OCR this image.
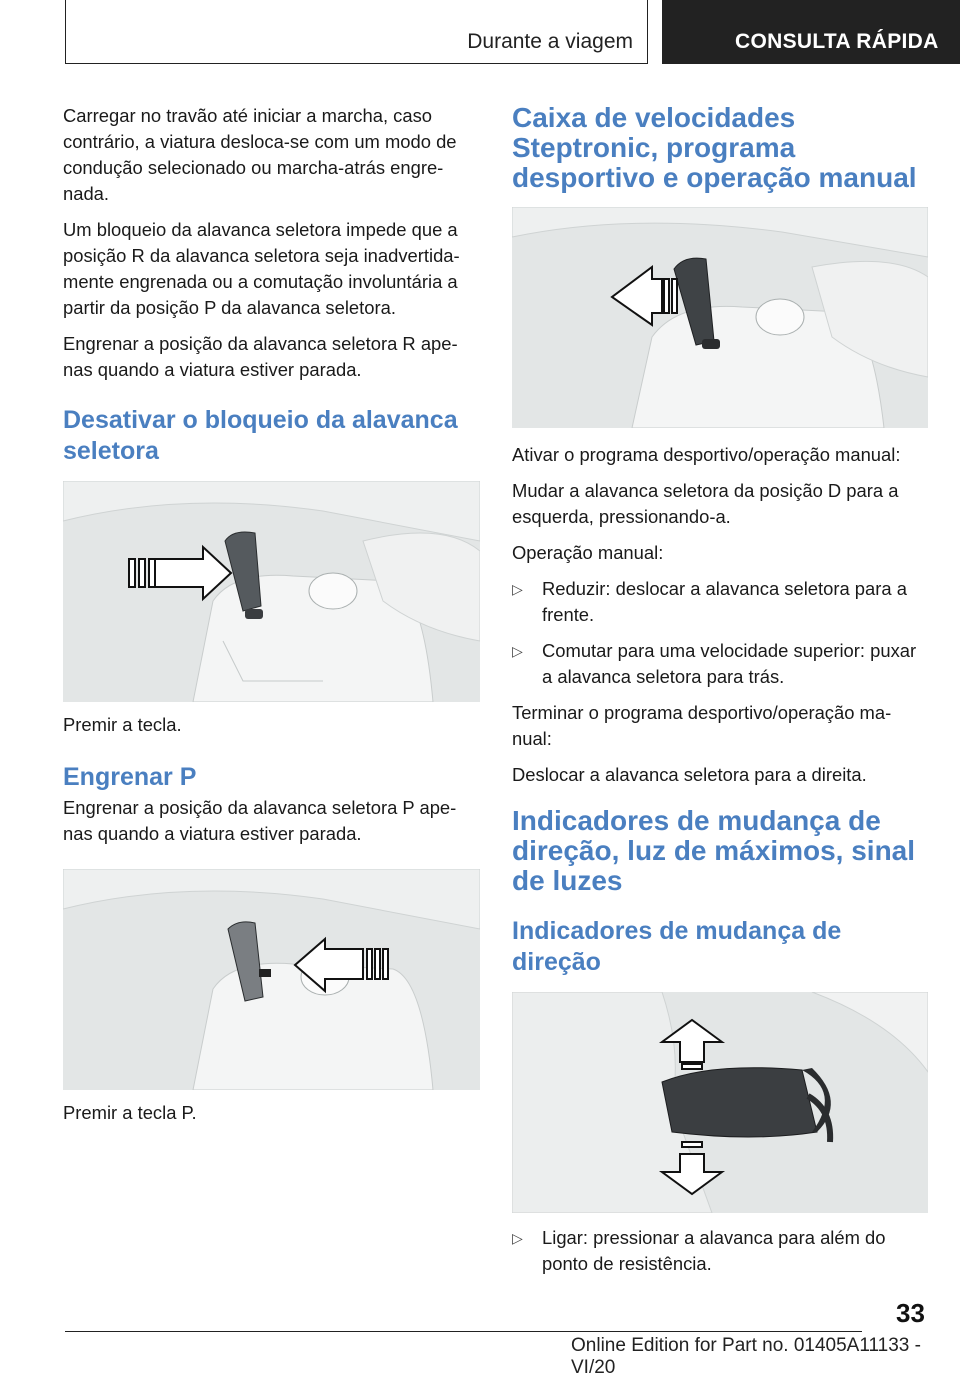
Durante a viagem	CONSULTA RÁPIDA

Carregar no travão até iniciar a marcha, caso contrário, a viatura desloca-se com um modo de condução selecionado ou marcha-atrás engre-nada.

Um bloqueio da alavanca seletora impede que a posição R da alavanca seletora seja inadvertida-mente engrenada ou a comutação involuntária a partir da posição P da alavanca seletora.

Engrenar a posição da alavanca seletora R ape-nas quando a viatura estiver parada.

Desativar o bloqueio da alavanca seletora

Premir a tecla.

Engrenar P

Engrenar a posição da alavanca seletora P ape-nas quando a viatura estiver parada.

Premir a tecla P.

Caixa de velocidades Steptronic, programa desportivo e operação manual

Ativar o programa desportivo/operação manual:

Mudar a alavanca seletora da posição D para a esquerda, pressionando-a.

Operação manual:

▷ Reduzir: deslocar a alavanca seletora para a frente.
▷ Comutar para uma velocidade superior: puxar a alavanca seletora para trás.

Terminar o programa desportivo/operação ma-nual:

Deslocar a alavanca seletora para a direita.

Indicadores de mudança de direção, luz de máximos, sinal de luzes
Indicadores de mudança de direção
▷ Ligar: pressionar a alavanca para além do ponto de resistência.
33
Online Edition for Part no. 01405A11133 - VI/20
